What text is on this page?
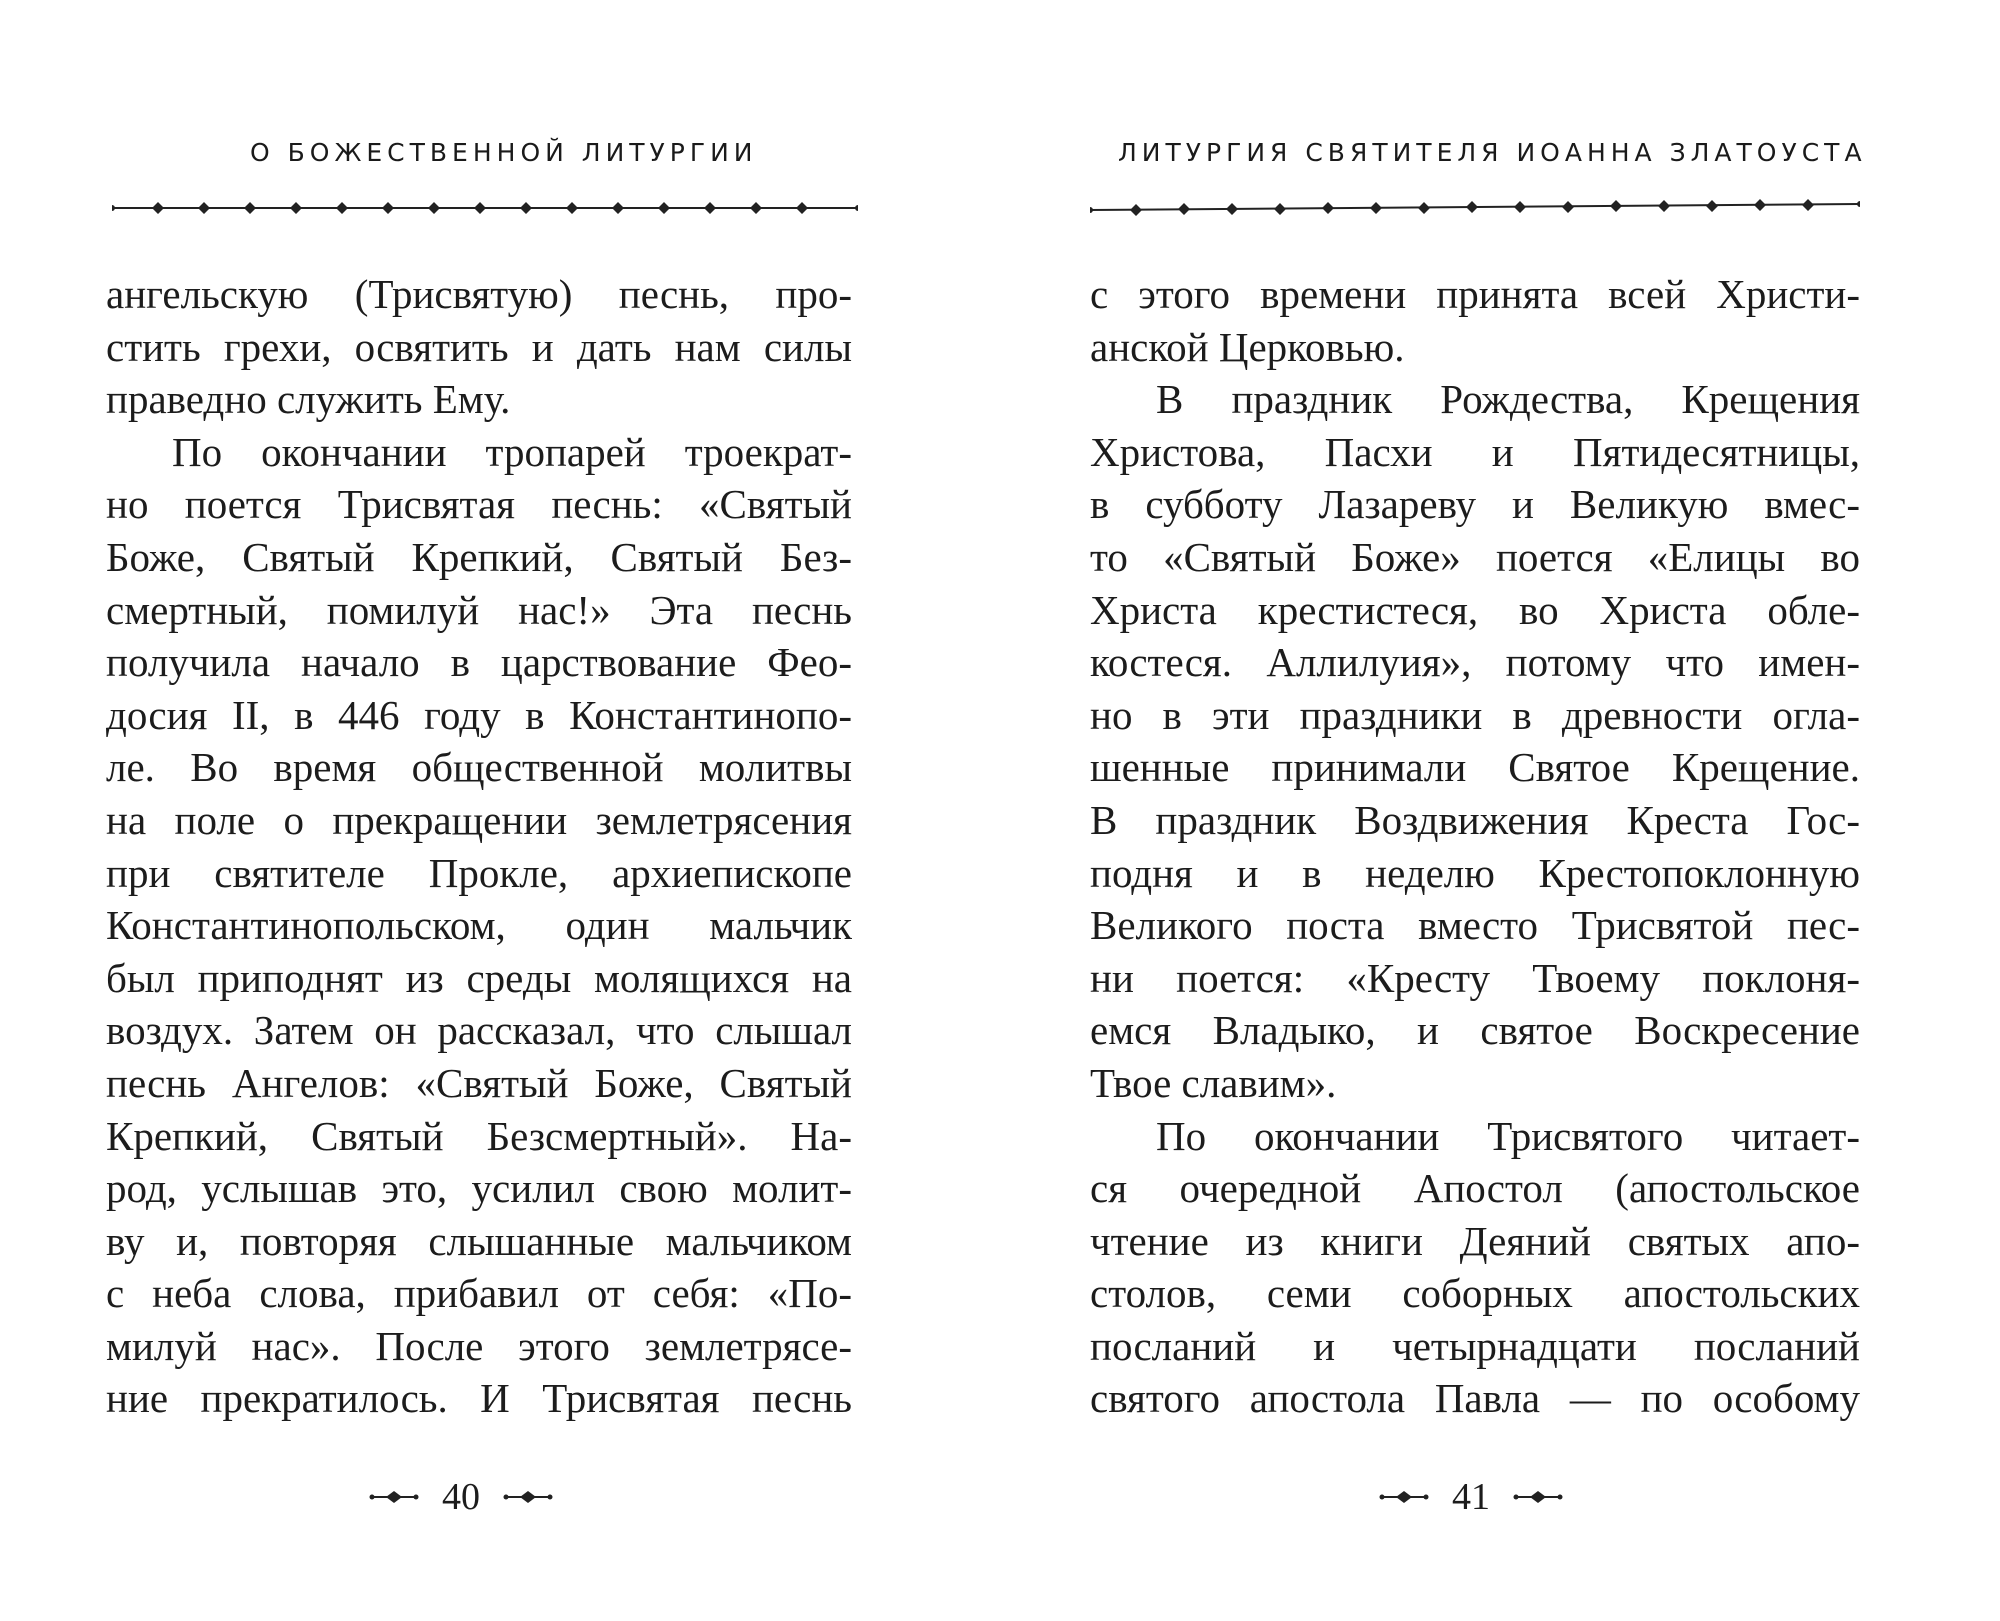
О БОЖЕСТВЕННОЙ ЛИТУРГИИ
ангельскую (Трисвятую) песнь, про-
стить грехи, освятить и дать нам силы
праведно служить Ему.
По окончании тропарей троекрат-
но поется Трисвятая песнь: «Святый
Боже, Святый Крепкий, Святый Без-
смертный, помилуй нас!» Эта песнь
получила начало в царствование Фео-
досия II, в 446 году в Константинопо-
ле. Во время общественной молитвы
на поле о прекращении землетрясения
при святителе Прокле, архиепископе
Константинопольском, один мальчик
был приподнят из среды молящихся на
воздух. Затем он рассказал, что слышал
песнь Ангелов: «Святый Боже, Святый
Крепкий, Святый Безсмертный». На-
род, услышав это, усилил свою молит-
ву и, повторяя слышанные мальчиком
с неба слова, прибавил от себя: «По-
милуй нас». После этого землетрясе-
ние прекратилось. И Трисвятая песнь
40
ЛИТУРГИЯ СВЯТИТЕЛЯ ИОАННА ЗЛАТОУСТА
с этого времени принята всей Христи-
анской Церковью.
В праздник Рождества, Крещения
Христова, Пасхи и Пятидесятницы,
в субботу Лазареву и Великую вмес-
то «Святый Боже» поется «Елицы во
Христа крестистеся, во Христа обле-
костеся. Аллилуия», потому что имен-
но в эти праздники в древности огла-
шенные принимали Святое Крещение.
В праздник Воздвижения Креста Гос-
подня и в неделю Крестопоклонную
Великого поста вместо Трисвятой пес-
ни поется: «Кресту Твоему поклоня-
емся Владыко, и святое Воскресение
Твое славим».
По окончании Трисвятого читает-
ся очередной Апостол (апостольское
чтение из книги Деяний святых апо-
столов, семи соборных апостольских
посланий и четырнадцати посланий
святого апостола Павла — по особому
41
